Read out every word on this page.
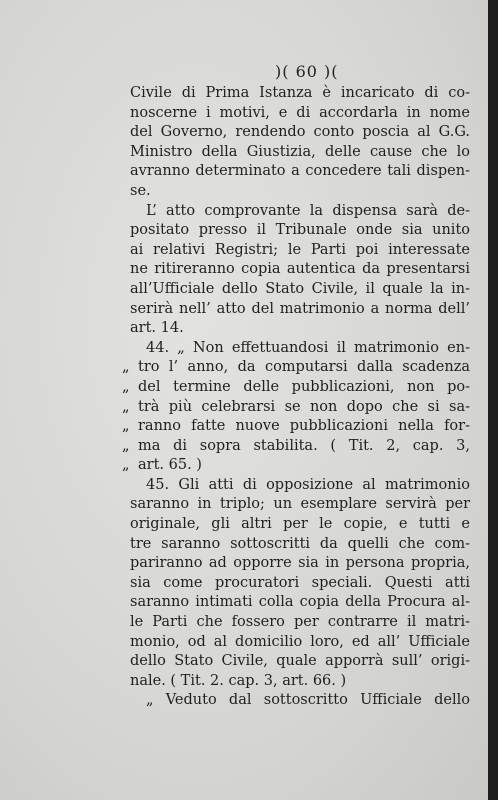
)( 60 )(
Civile di Prima Istanza è incaricato di co-
noscerne i motivi, e di accordarla in nome
del Governo, rendendo conto poscia al G.G.
Ministro della Giustizia, delle cause che lo
avranno determinato a concedere tali dispen-
se.
L’ atto comprovante la dispensa sarà de-
positato presso il Tribunale onde sia unito
ai relativi Registri; le Parti poi interessate
ne ritireranno copia autentica da presentarsi
all’Ufficiale dello Stato Civile, il quale la in-
serirà nell’ atto del matrimonio a norma dell’
art. 14.
44. „ Non effettuandosi il matrimonio en-
„ tro l’ anno, da computarsi dalla scadenza
„ del termine delle pubblicazioni, non po-
„ trà più celebrarsi se non dopo che si sa-
„ ranno fatte nuove pubblicazioni nella for-
„ ma di sopra stabilita. ( Tit. 2, cap. 3,
„ art. 65. )
45. Gli atti di opposizione al matrimonio
saranno in triplo; un esemplare servirà per
originale, gli altri per le copie, e tutti e
tre saranno sottoscritti da quelli che com-
pariranno ad opporre sia in persona propria,
sia come procuratori speciali. Questi atti
saranno intimati colla copia della Procura al-
le Parti che fossero per contrarre il matri-
monio, od al domicilio loro, ed all’ Ufficiale
dello Stato Civile, quale apporrà sull’ origi-
nale. ( Tit. 2. cap. 3, art. 66. )
„ Veduto dal sottoscritto Ufficiale dello
